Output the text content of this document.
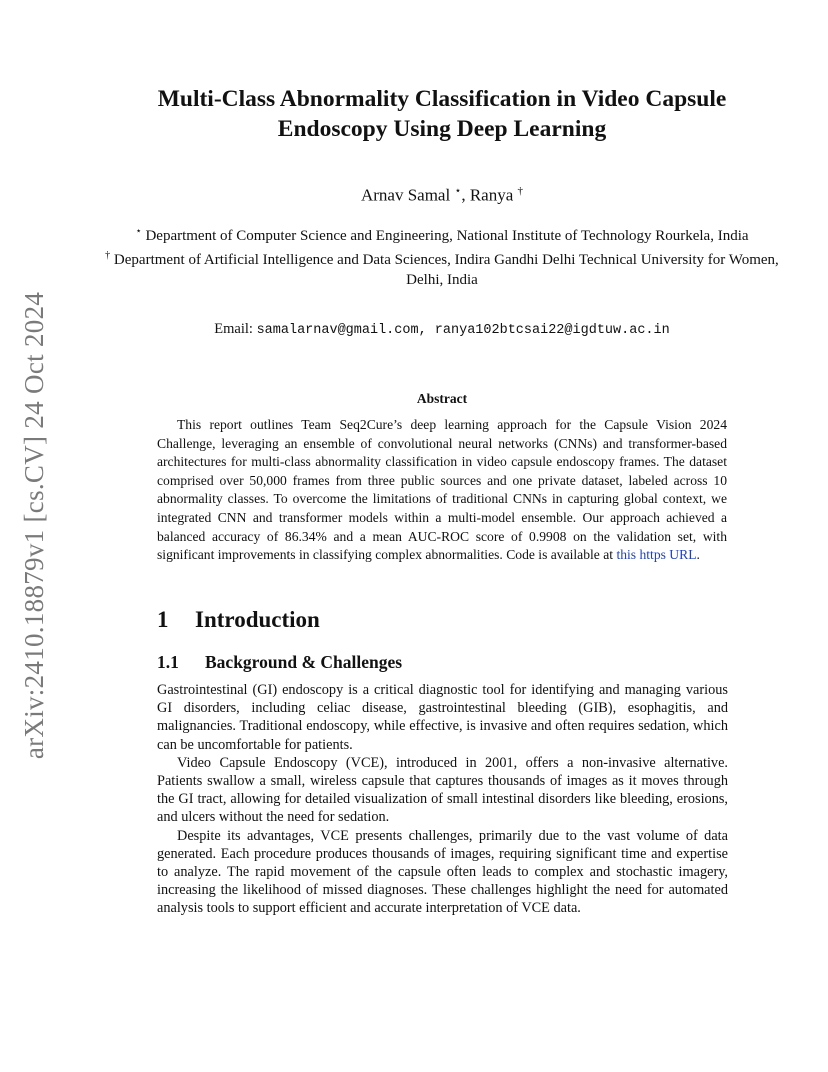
arXiv:2410.18879v1 [cs.CV] 24 Oct 2024
Multi-Class Abnormality Classification in Video Capsule Endoscopy Using Deep Learning
Arnav Samal ⋆, Ranya †

⋆ Department of Computer Science and Engineering, National Institute of Technology Rourkela, India

† Department of Artificial Intelligence and Data Sciences, Indira Gandhi Delhi Technical University for Women, Delhi, India

Email: samalarnav@gmail.com, ranya102btcsai22@igdtuw.ac.in
Abstract

This report outlines Team Seq2Cure’s deep learning approach for the Capsule Vision 2024 Challenge, leveraging an ensemble of convolutional neural networks (CNNs) and transformer-based architectures for multi-class abnormality classification in video capsule endoscopy frames. The dataset comprised over 50,000 frames from three public sources and one private dataset, labeled across 10 abnormality classes. To overcome the limitations of traditional CNNs in capturing global context, we integrated CNN and transformer models within a multi-model ensemble. Our approach achieved a balanced accuracy of 86.34% and a mean AUC-ROC score of 0.9908 on the validation set, with significant improvements in classifying complex abnormalities. Code is available at this https URL.

1 Introduction
1.1 Background & Challenges

Gastrointestinal (GI) endoscopy is a critical diagnostic tool for identifying and managing various GI disorders, including celiac disease, gastrointestinal bleeding (GIB), esophagitis, and malignancies. Traditional endoscopy, while effective, is invasive and often requires sedation, which can be uncomfortable for patients.

Video Capsule Endoscopy (VCE), introduced in 2001, offers a non-invasive alternative. Patients swallow a small, wireless capsule that captures thousands of images as it moves through the GI tract, allowing for detailed visualization of small intestinal disorders like bleeding, erosions, and ulcers without the need for sedation.

Despite its advantages, VCE presents challenges, primarily due to the vast volume of data generated. Each procedure produces thousands of images, requiring significant time and expertise to analyze. The rapid movement of the capsule often leads to complex and stochastic imagery, increasing the likelihood of missed diagnoses. These challenges highlight the need for automated analysis tools to support efficient and accurate interpretation of VCE data.
